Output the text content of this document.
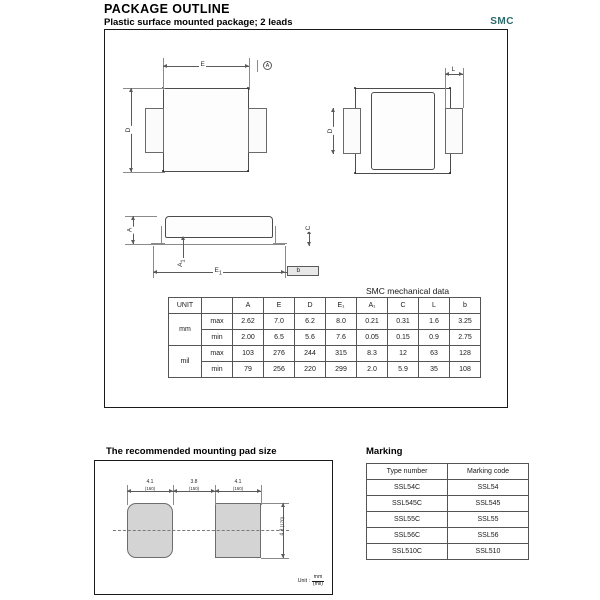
PACKAGE OUTLINE
Plastic surface mounted package; 2 leads	SMC
E	A
D	D
L
A
$A_1$
C
$E_1$	b
SMC mechanical data
UNIT		A	E	D	E₁	A₁	C	L	b
mm	max	2.62	7.0	6.2	8.0	0.21	0.31	1.6	3.25
	min	2.00	6.5	5.6	7.6	0.05	0.15	0.9	2.75
mil	max	103	276	244	315	8.3	12	63	128
	min	79	256	220	299	2.0	5.9	35	108
The recommended mounting pad size
4.1
(160)
3.8
(150)
4.1
(160)
4.3 (170)
Unit : $\frac{mm}{\text{(mil)}}$
Marking
Type number	Marking code
SSL54C	SSL54
SSL545C	SSL545
SSL55C	SSL55
SSL56C	SSL56
SSL510C	SSL510
